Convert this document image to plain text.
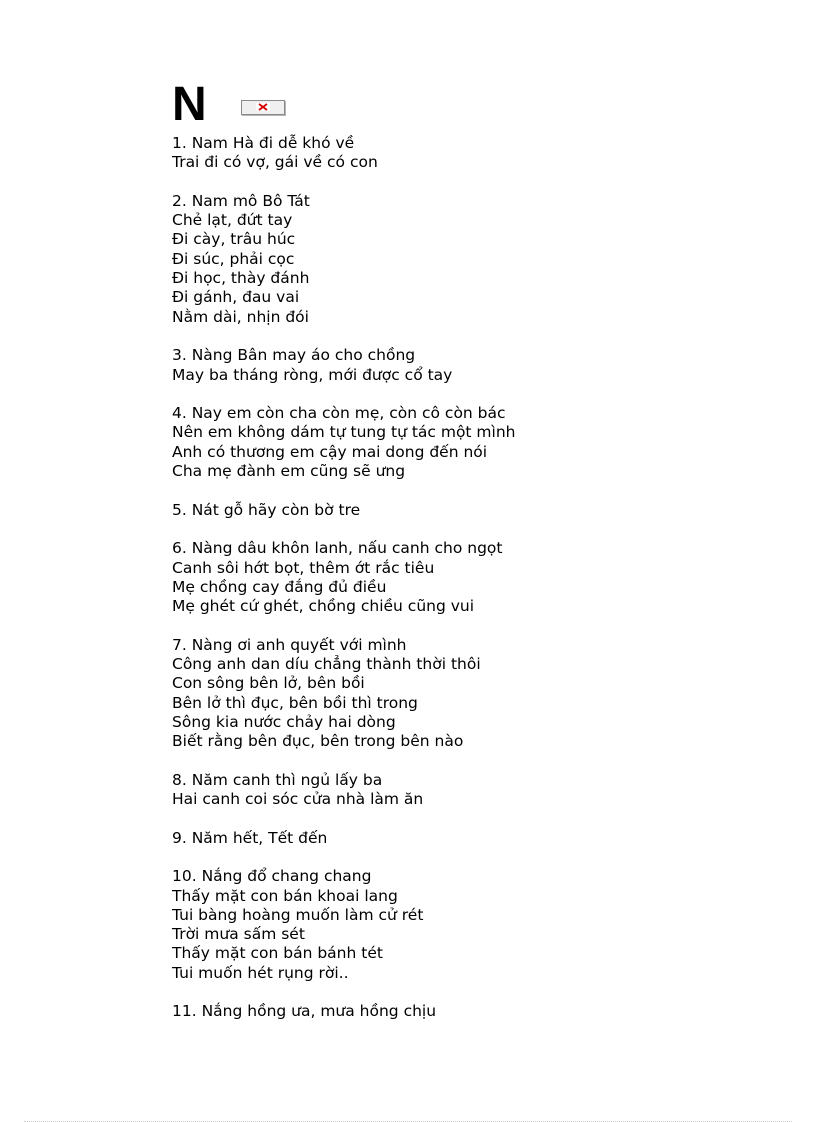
N
1. Nam Hà đi dễ khó về
Trai đi có vợ, gái về có con
2. Nam mô Bô Tát
Chẻ lạt, đứt tay
Đi cày, trâu húc
Đi súc, phải cọc
Đi học, thày đánh
Đi gánh, đau vai
Nằm dài, nhịn đói
3. Nàng Bân may áo cho chồng
May ba tháng ròng, mới được cổ tay
4. Nay em còn cha còn mẹ, còn cô còn bác
Nên em không dám tự tung tự tác một mình
Anh có thương em cậy mai dong đến nói
Cha mẹ đành em cũng sẽ ưng
5. Nát gỗ hãy còn bờ tre
6. Nàng dâu khôn lanh, nấu canh cho ngọt
Canh sôi hớt bọt, thêm ớt rắc tiêu
Mẹ chồng cay đắng đủ điều
Mẹ ghét cứ ghét, chồng chiều cũng vui
7. Nàng ơi anh quyết với mình
Công anh dan díu chẳng thành thời thôi
Con sông bên lở, bên bồi
Bên lở thì đục, bên bồi thì trong
Sông kia nước chảy hai dòng
Biết rằng bên đục, bên trong bên nào
8. Năm canh thì ngủ lấy ba
Hai canh coi sóc cửa nhà làm ăn
9. Năm hết, Tết đến
10. Nắng đổ chang chang
Thấy mặt con bán khoai lang
Tui bàng hoàng muốn làm cử rét
Trời mưa sấm sét
Thấy mặt con bán bánh tét
Tui muốn hét rụng rời..
11. Nắng hồng ưa, mưa hồng chịu
